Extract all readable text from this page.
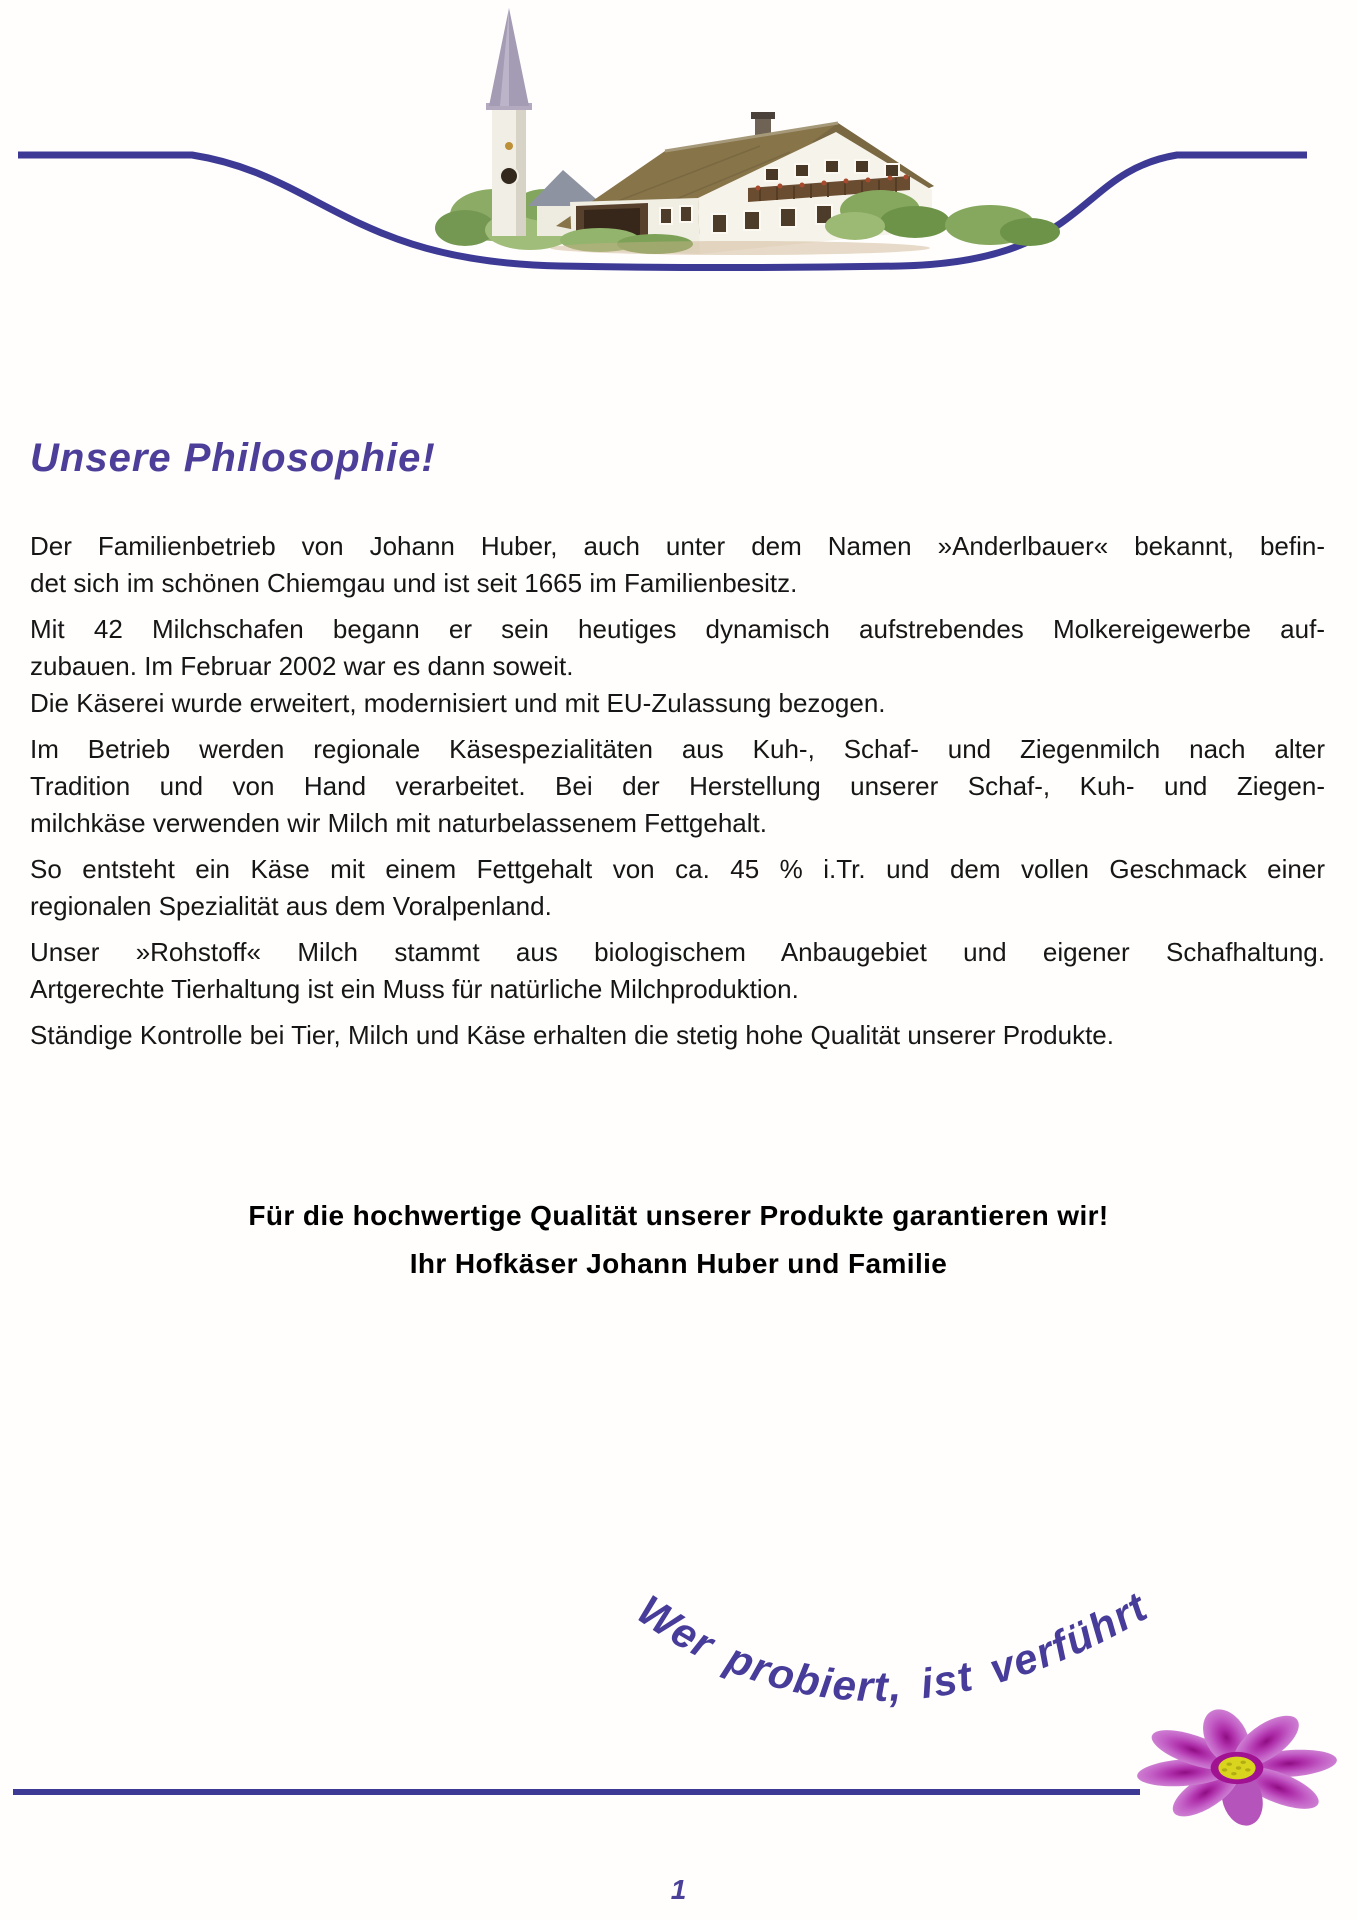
Unsere Philosophie!

Der Familienbetrieb von Johann Huber, auch unter dem Namen »Anderlbauer« bekannt, befin-
det sich im schönen Chiemgau und ist seit 1665 im Familienbesitz.

Mit 42 Milchschafen begann er sein heutiges dynamisch aufstrebendes Molkereigewerbe auf-
zubauen. Im Februar 2002 war es dann soweit.

Die Käserei wurde erweitert, modernisiert und mit EU-Zulassung bezogen.

Im Betrieb werden regionale Käsespezialitäten aus Kuh-, Schaf- und Ziegenmilch nach alter
Tradition und von Hand verarbeitet. Bei der Herstellung unserer Schaf-, Kuh- und Ziegen-
milchkäse verwenden wir Milch mit naturbelassenem Fettgehalt.

So entsteht ein Käse mit einem Fettgehalt von ca. 45 % i.Tr. und dem vollen Geschmack einer
regionalen Spezialität aus dem Voralpenland.

Unser »Rohstoff« Milch stammt aus biologischem Anbaugebiet und eigener Schafhaltung.
Artgerechte Tierhaltung ist ein Muss für natürliche Milchproduktion.

Ständige Kontrolle bei Tier, Milch und Käse erhalten die stetig hohe Qualität unserer Produkte.

Für die hochwertige Qualität unserer Produkte garantieren wir!
Ihr Hofkäser Johann Huber und Familie
Wer probiert, ist verführt
1
